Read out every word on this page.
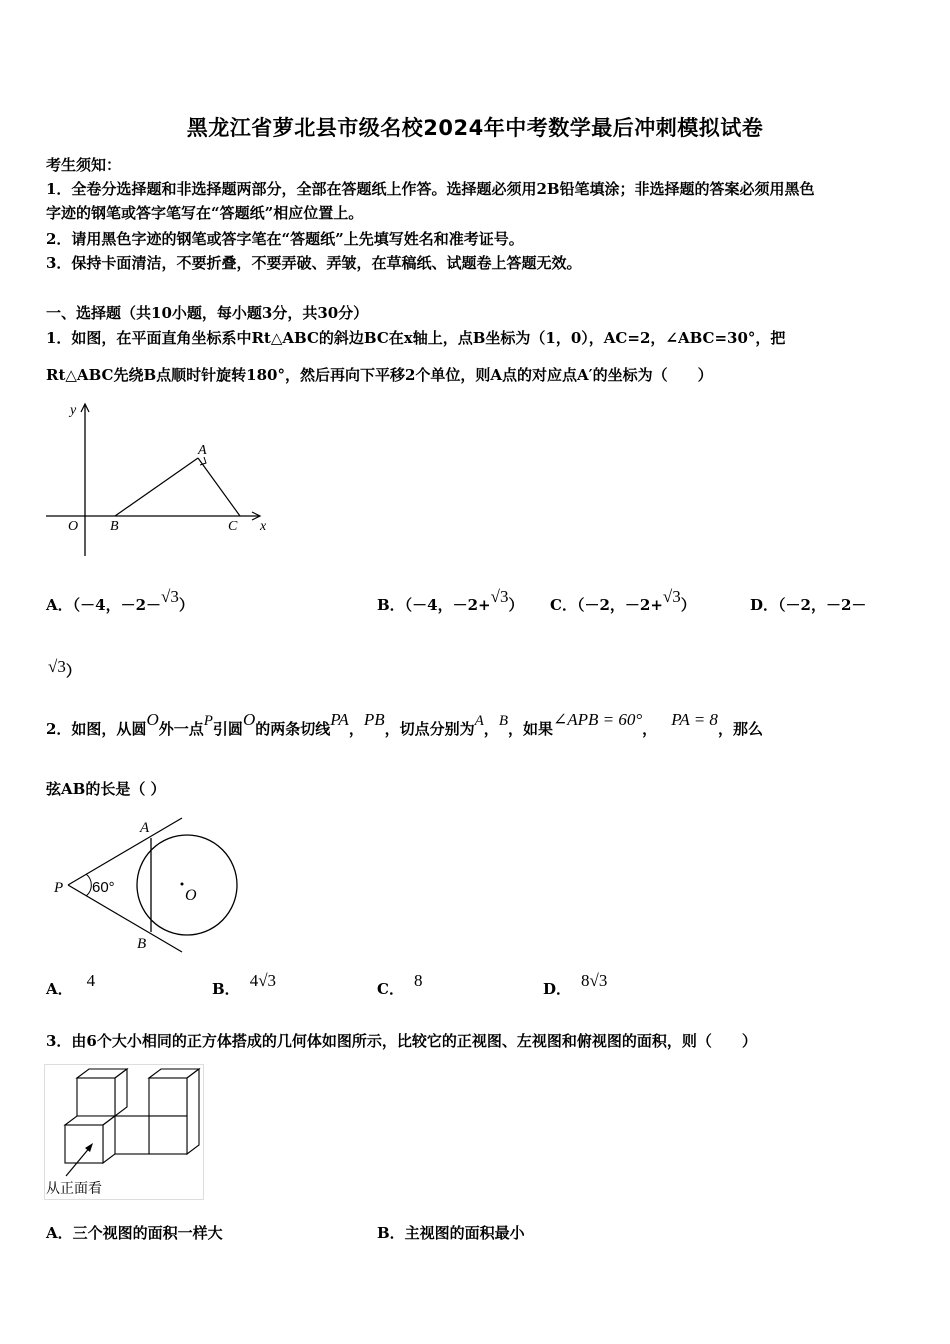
黑龙江省萝北县市级名校2024年中考数学最后冲刺模拟试卷
考生须知：
1．全卷分选择题和非选择题两部分，全部在答题纸上作答。选择题必须用2B铅笔填涂；非选择题的答案必须用黑色
字迹的钢笔或答字笔写在“答题纸”相应位置上。
2．请用黑色字迹的钢笔或答字笔在“答题纸”上先填写姓名和准考证号。
3．保持卡面清洁，不要折叠，不要弄破、弄皱，在草稿纸、试题卷上答题无效。
一、选择题（共10小题，每小题3分，共30分）
1．如图，在平面直角坐标系中Rt△ABC的斜边BC在x轴上，点B坐标为（1，0），AC=2，∠ABC=30°，把
Rt△ABC先绕B点顺时针旋转180°，然后再向下平移2个单位，则A点的对应点A′的坐标为（　　）
y
x
O B	C
A
A．（－4，－2－√3）	B．（－4，－2+√3） C．（－2，－2+√3）	D．（－2，－2－
√3）
2．如图，从圆O外一点P引圆O的两条切线PA，PB，切点分别为A，B，如果∠APB = 60°， PA = 8，那么
弦AB的长是（ ）
A
P
B
O
60°
A． 4	B． 4√3	C． 8	D． 8√3
3．由6个大小相同的正方体搭成的几何体如图所示，比较它的正视图、左视图和俯视图的面积，则（　　）
从正面看
A．三个视图的面积一样大	B．主视图的面积最小
